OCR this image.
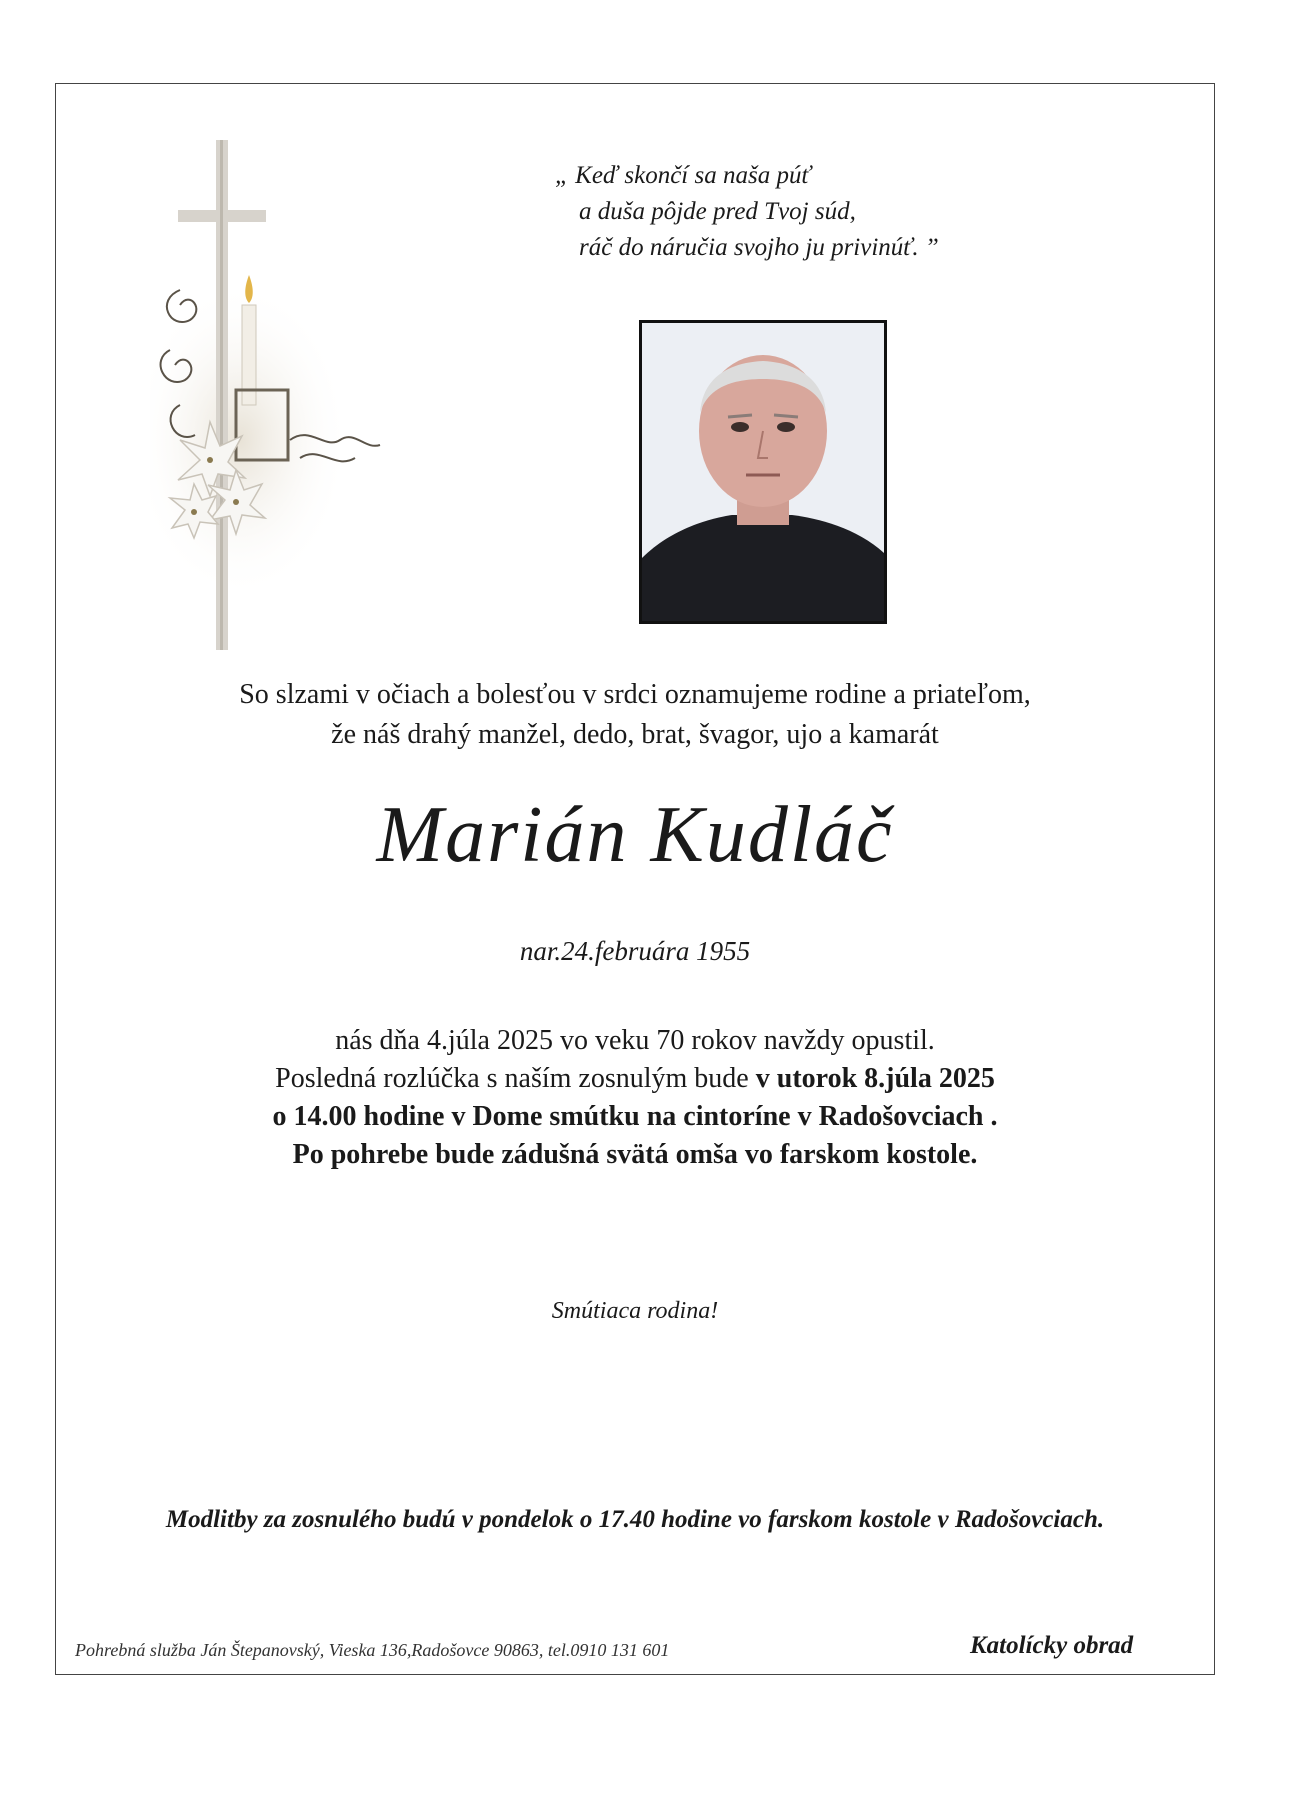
„ Keď skončí sa naša púť
a duša pôjde pred Tvoj súd,
ráč do náručia svojho ju privinúť. ”
So slzami v očiach a bolesťou v srdci oznamujeme rodine a priateľom,
že náš drahý manžel, dedo, brat, švagor, ujo a kamarát
Marián Kudláč
nar.24.februára 1955
nás dňa 4.júla 2025 vo veku 70 rokov navždy opustil.
Posledná rozlúčka s naším zosnulým bude v utorok 8.júla 2025
o 14.00 hodine v Dome smútku na cintoríne v Radošovciach .
Po pohrebe bude zádušná svätá omša vo farskom kostole.
Smútiaca rodina!
Modlitby za zosnulého budú v pondelok o 17.40 hodine vo farskom kostole v Radošovciach.
Pohrebná služba Ján Štepanovský, Vieska 136,Radošovce 90863, tel.0910 131 601	Katolícky obrad
